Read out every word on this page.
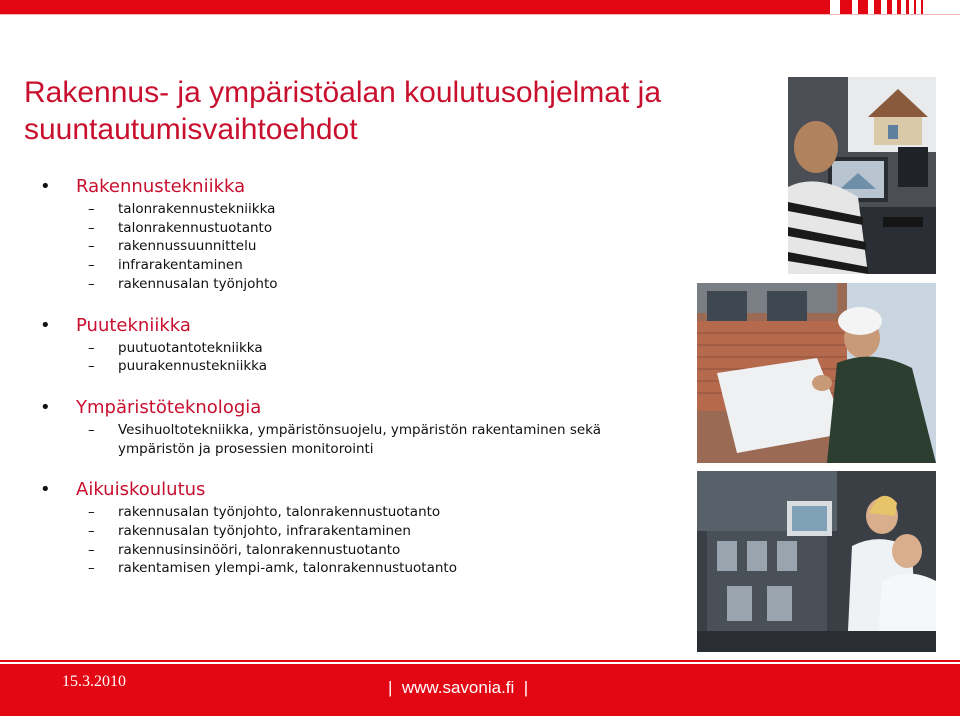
Rakennus- ja ympäristöalan koulutusohjelmat ja
suuntautumisvaihtoehdot
• Rakennustekniikka
– talonrakennustekniikka
– talonrakennustuotanto
– rakennussuunnittelu
– infrarakentaminen
– rakennusalan työnjohto
• Puutekniikka
– puutuotantotekniikka
– puurakennustekniikka
• Ympäristöteknologia
– Vesihuoltotekniikka, ympäristönsuojelu, ympäristön rakentaminen sekä
ympäristön ja prosessien monitorointi
• Aikuiskoulutus
– rakennusalan työnjohto, talonrakennustuotanto
– rakennusalan työnjohto, infrarakentaminen
– rakennusinsinööri, talonrakennustuotanto
– rakentamisen ylempi-amk, talonrakennustuotanto
15.3.2010	|  www.savonia.fi  |
